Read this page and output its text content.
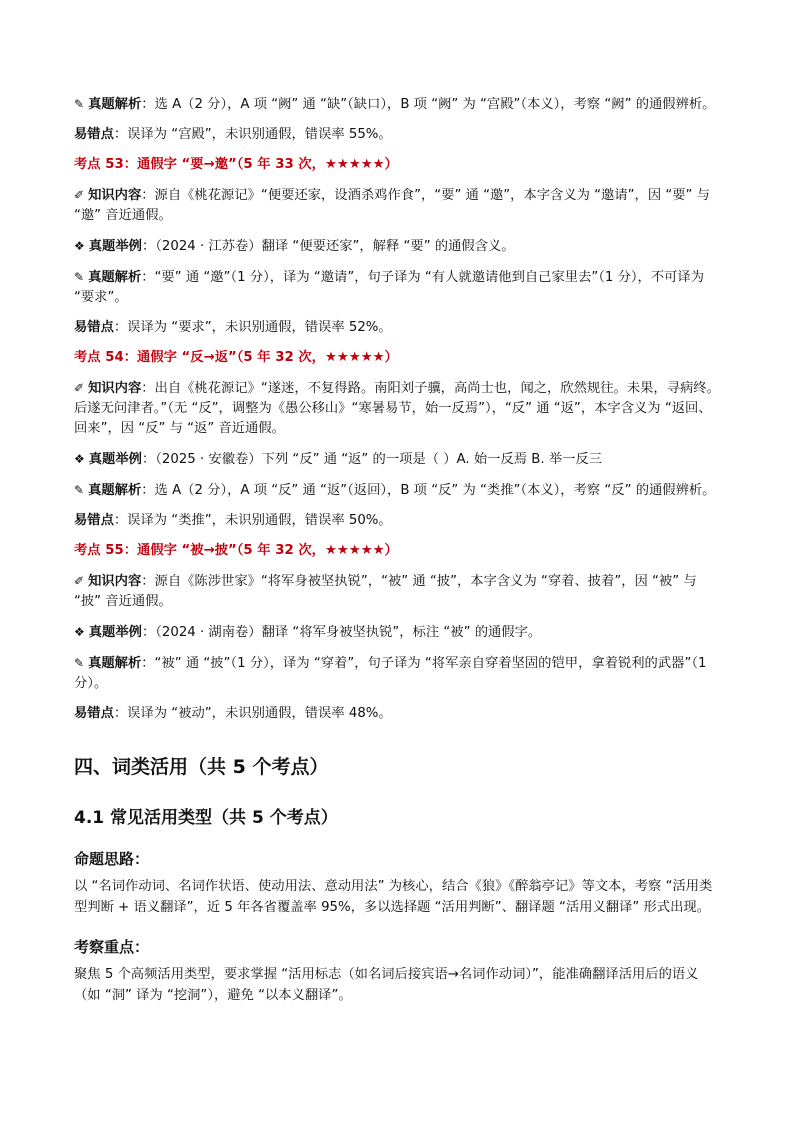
✎ 真题解析：选 A（2 分），A 项 “阙” 通 “缺”（缺口），B 项 “阙” 为 “宫殿”（本义），考察 “阙” 的通假辨析。
易错点：误译为 “宫殿”，未识别通假，错误率 55%。
考点 53：通假字 “要→邀”（5 年 33 次，★★★★★）
✐ 知识内容：源自《桃花源记》“便要还家，设酒杀鸡作食”，“要” 通 “邀”，本字含义为 “邀请”，因 “要” 与 “邀” 音近通假。
❖ 真题举例：（2024 · 江苏卷）翻译 “便要还家”，解释 “要” 的通假含义。
✎ 真题解析：“要” 通 “邀”（1 分），译为 “邀请”，句子译为 “有人就邀请他到自己家里去”（1 分），不可译为 “要求”。
易错点：误译为 “要求”，未识别通假，错误率 52%。
考点 54：通假字 “反→返”（5 年 32 次，★★★★★）
✐ 知识内容：出自《桃花源记》“遂迷，不复得路。南阳刘子骥，高尚士也，闻之，欣然规往。未果，寻病终。后遂无问津者。”（无 “反”，调整为《愚公移山》“寒暑易节，始一反焉”），“反” 通 “返”，本字含义为 “返回、回来”，因 “反” 与 “返” 音近通假。
❖ 真题举例：（2025 · 安徽卷）下列 “反” 通 “返” 的一项是（ ）A. 始一反焉 B. 举一反三
✎ 真题解析：选 A（2 分），A 项 “反” 通 “返”（返回），B 项 “反” 为 “类推”（本义），考察 “反” 的通假辨析。
易错点：误译为 “类推”，未识别通假，错误率 50%。
考点 55：通假字 “被→披”（5 年 32 次，★★★★★）
✐ 知识内容：源自《陈涉世家》“将军身被坚执锐”，“被” 通 “披”，本字含义为 “穿着、披着”，因 “被” 与 “披” 音近通假。
❖ 真题举例：（2024 · 湖南卷）翻译 “将军身被坚执锐”，标注 “被” 的通假字。
✎ 真题解析：“被” 通 “披”（1 分），译为 “穿着”，句子译为 “将军亲自穿着坚固的铠甲，拿着锐利的武器”（1 分）。
易错点：误译为 “被动”，未识别通假，错误率 48%。
四、词类活用（共 5 个考点）
4.1 常见活用类型（共 5 个考点）
命题思路：
以 “名词作动词、名词作状语、使动用法、意动用法” 为核心，结合《狼》《醉翁亭记》等文本，考察 “活用类型判断 + 语义翻译”，近 5 年各省覆盖率 95%，多以选择题 “活用判断”、翻译题 “活用义翻译” 形式出现。
考察重点：
聚焦 5 个高频活用类型，要求掌握 “活用标志（如名词后接宾语→名词作动词）”，能准确翻译活用后的语义（如 “洞” 译为 “挖洞”），避免 “以本义翻译”。
